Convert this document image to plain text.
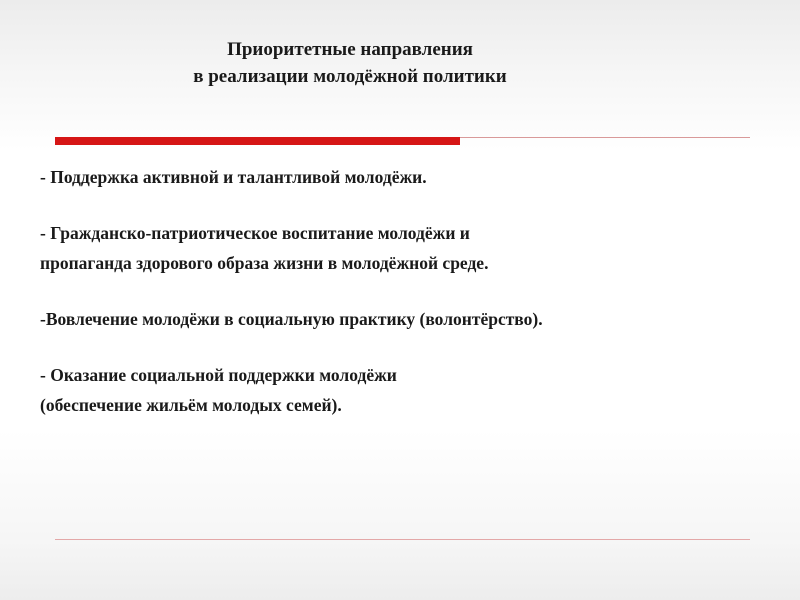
Приоритетные направления
в реализации молодёжной политики

- Поддержка активной и талантливой молодёжи.

- Гражданско-патриотическое воспитание молодёжи и

пропаганда здорового образа жизни в молодёжной среде.

-Вовлечение молодёжи в социальную практику (волонтёрство).

- Оказание социальной поддержки молодёжи

(обеспечение жильём молодых семей).
